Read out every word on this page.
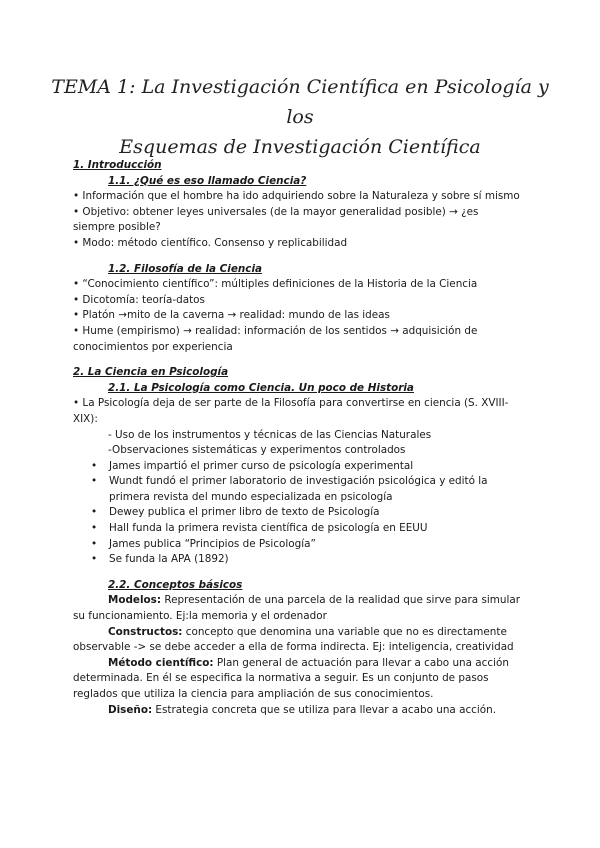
TEMA 1: La Investigación Científica en Psicología y los
Esquemas de Investigación Científica
1. Introducción
1.1. ¿Qué es eso llamado Ciencia?

• Información que el hombre ha ido adquiriendo sobre la Naturaleza y sobre sí mismo

• Objetivo: obtener leyes universales (de la mayor generalidad posible) → ¿es siempre posible?

• Modo: método científico. Consenso y replicabilidad

1.2. Filosofía de la Ciencia

• “Conocimiento científico”: múltiples definiciones de la Historia de la Ciencia

• Dicotomía: teoría-datos

• Platón →mito de la caverna → realidad: mundo de las ideas

• Hume (empirismo) → realidad: información de los sentidos → adquisición de conocimientos por experiencia

2. La Ciencia en Psicología
2.1. La Psicología como Ciencia. Un poco de Historia

• La Psicología deja de ser parte de la Filosofía para convertirse en ciencia (S. XVIII-XIX):

- Uso de los instrumentos y técnicas de las Ciencias Naturales
-Observaciones sistemáticas y experimentos controlados
• James impartió el primer curso de psicología experimental
• Wundt fundó el primer laboratorio de investigación psicológica y editó la primera revista del mundo especializada en psicología
• Dewey publica el primer libro de texto de Psicología
• Hall funda la primera revista científica de psicología en EEUU
• James publica “Principios de Psicología”
• Se funda la APA (1892)
2.2. Conceptos básicos

Modelos: Representación de una parcela de la realidad que sirve para simular su funcionamiento. Ej:la memoria y el ordenador

Constructos: concepto que denomina una variable que no es directamente observable -> se debe acceder a ella de forma indirecta. Ej: inteligencia, creatividad

Método científico: Plan general de actuación para llevar a cabo una acción determinada. En él se especifica la normativa a seguir. Es un conjunto de pasos reglados que utiliza la ciencia para ampliación de sus conocimientos.

Diseño: Estrategia concreta que se utiliza para llevar a acabo una acción.
